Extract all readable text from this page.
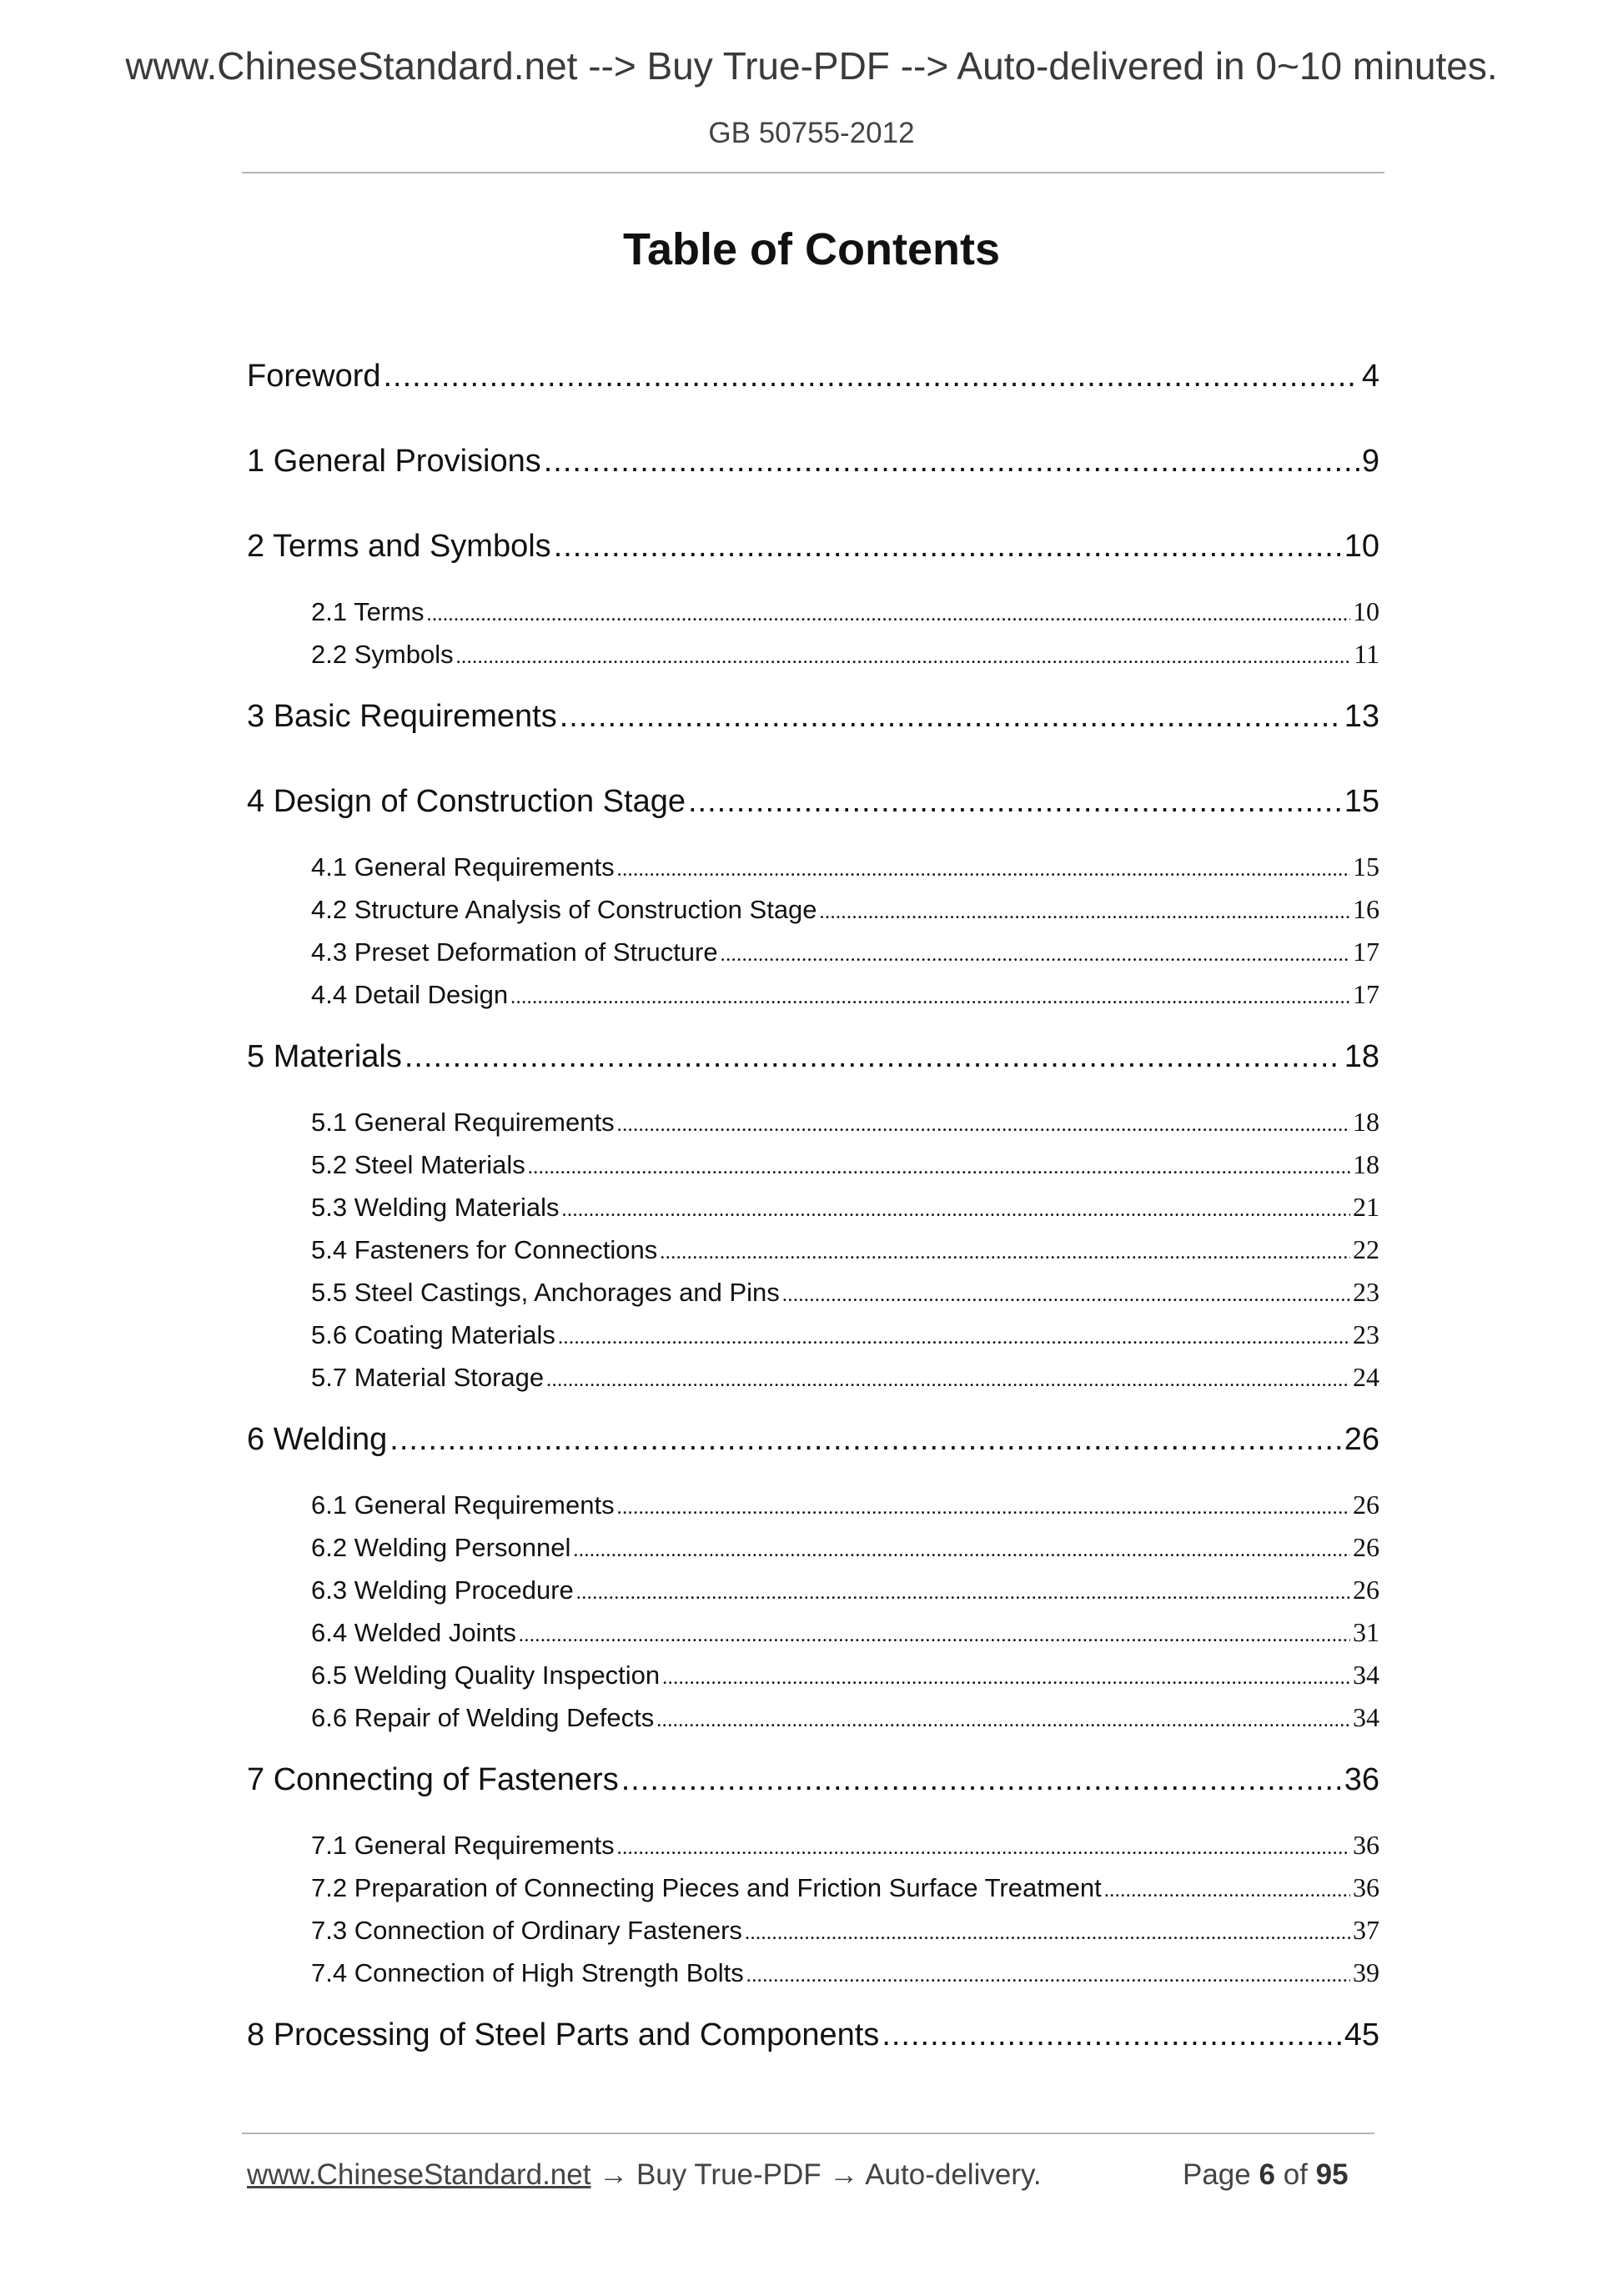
www.ChineseStandard.net --> Buy True-PDF --> Auto-delivered in 0~10 minutes.
GB 50755-2012
Table of Contents
Foreword .....	4
1 General Provisions .....	9
2 Terms and Symbols .....	10
2.1 Terms .....	10
2.2 Symbols .....	11
3 Basic Requirements .....	13
4 Design of Construction Stage .....	15
4.1 General Requirements .....	15
4.2 Structure Analysis of Construction Stage .....	16
4.3 Preset Deformation of Structure .....	17
4.4 Detail Design .....	17
5 Materials .....	18
5.1 General Requirements .....	18
5.2 Steel Materials .....	18
5.3 Welding Materials .....	21
5.4 Fasteners for Connections .....	22
5.5 Steel Castings, Anchorages and Pins .....	23
5.6 Coating Materials .....	23
5.7 Material Storage .....	24
6 Welding .....	26
6.1 General Requirements .....	26
6.2 Welding Personnel .....	26
6.3 Welding Procedure .....	26
6.4 Welded Joints .....	31
6.5 Welding Quality Inspection .....	34
6.6 Repair of Welding Defects .....	34
7 Connecting of Fasteners .....	36
7.1 General Requirements .....	36
7.2 Preparation of Connecting Pieces and Friction Surface Treatment .....	36
7.3 Connection of Ordinary Fasteners .....	37
7.4 Connection of High Strength Bolts .....	39
8 Processing of Steel Parts and Components .....	45
www.ChineseStandard.net → Buy True-PDF → Auto-delivery.	Page 6 of 95
